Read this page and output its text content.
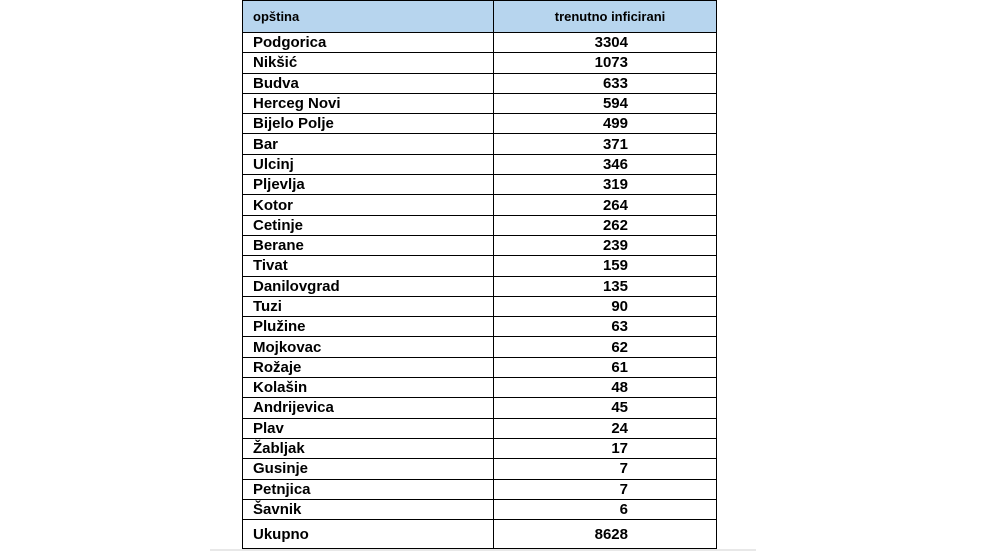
opština	trenutno inficirani
Podgorica	3304
Nikšić	1073
Budva	633
Herceg Novi	594
Bijelo Polje	499
Bar	371
Ulcinj	346
Pljevlja	319
Kotor	264
Cetinje	262
Berane	239
Tivat	159
Danilovgrad	135
Tuzi	90
Plužine	63
Mojkovac	62
Rožaje	61
Kolašin	48
Andrijevica	45
Plav	24
Žabljak	17
Gusinje	7
Petnjica	7
Šavnik	6
Ukupno	8628
